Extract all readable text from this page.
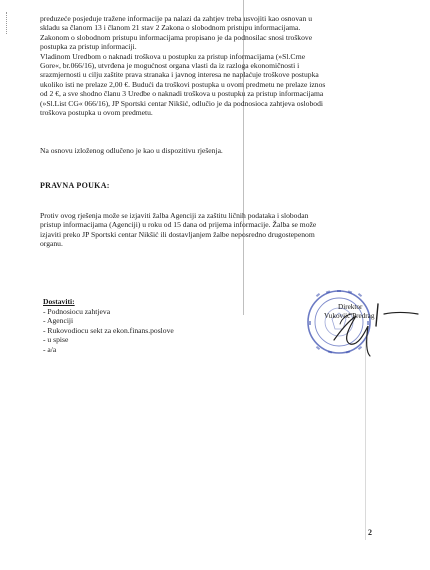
preduzeće posjeduje tražene informacije pa nalazi da zahtjev treba usvojiti kao osnovan u
skladu sa članom 13 i članom 21 stav 2 Zakona o slobodnom pristupu informacijama.
Zakonom o slobodnom pristupu informacijama propisano je da podnosilac snosi troškove
postupka za pristup informaciji.
Vladinom Uredbom o naknadi troškova u postupku za pristup informacijama (»Sl.Crne
Gore«, br.066/16), utvrđena je mogućnost organa vlasti da iz razloga ekonomičnosti i
srazmjernosti u cilju zaštite prava stranaka i javnog interesa ne naplaćuje troškove postupka
ukoliko isti ne prelaze 2,00 €. Budući da troškovi postupka u ovom predmetu ne prelaze iznos
od 2 €, a sve shodno članu 3 Uredbe o naknadi troškova u postupku za pristup informacijama
(»Sl.List CG« 066/16), JP Sportski centar Nikšić, odlučio je da podnosioca zahtjeva oslobodi
troškova postupka u ovom predmetu.

Na osnovu izloženog odlučeno je kao u dispozitivu rješenja.

PRAVNA POUKA:

Protiv ovog rješenja može se izjaviti žalba Agenciji za zaštitu ličnih podataka i slobodan
pristup informacijama (Agenciji) u roku od 15 dana od prijema informacije. Žalba se može
izjaviti preko JP Sportski centar Nikšić ili dostavljanjem žalbe neposredno drugostepenom
organu.

Dostaviti:
- Podnosiocu zahtjeva
- Agenciji
- Rukovodiocu sekt za ekon.finans.poslove
- u spise
- a/a
Direktor
Vukoviić Predrag
2
